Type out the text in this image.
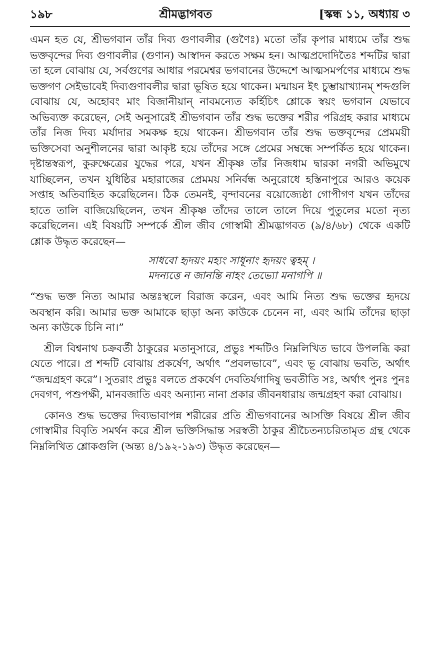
১৯৮	শ্রীমদ্ভাগবত	[স্কন্ধ ১১, অধ্যায় ৩

এমন হত যে, শ্রীভগবান তাঁর দিব্য গুণাবলীর (গুণৈঃ) মতো তাঁর কৃপার মাধ্যমে তাঁর শুদ্ধ ভক্তবৃন্দের দিব্য গুণাবলীর (গুণান) আস্বাদন করতে সক্ষম হন। আত্মপ্রদোদিতৈঃ শব্দটির দ্বারা তা হলে বোঝায় যে, সর্বগুণের আধার পরমেশ্বর ভগবানের উদ্দেশে আত্মসমর্পণের মাধ্যমে শুদ্ধ ভক্তগণ সেইভাবেই দিব্যগুণাবলীর দ্বারা ভূষিত হয়ে থাকেন। মন্মায়ন ইৎ চুম্ভায়াখ্যানম্ শব্দগুলি বোঝায় যে, অহোবং মাং বিজানীয়ান্ নাবমন্যেত কর্হিচিৎ শ্লোকে স্বয়ং ভগবান যেভাবে অভিব্যক্ত করেছেন, সেই অনুসারেই শ্রীভগবান তাঁর শুদ্ধ ভক্তের শরীর পরিগ্রহ করার মাধ্যমে তাঁর নিজ দিব্য মর্যাদার সমকক্ষ হয়ে থাকেন। শ্রীভগবান তাঁর শুদ্ধ ভক্তবৃন্দের প্রেমময়ী ভক্তিসেবা অনুশীলনের দ্বারা আকৃষ্ট হয়ে তাঁদের সঙ্গে প্রেমের সম্বন্ধে সম্পর্কিত হয়ে থাকেন। দৃষ্টান্তস্বরূপ, কুরুক্ষেত্রের যুদ্ধের পরে, যখন শ্রীকৃষ্ণ তাঁর নিজধাম দ্বারকা নগরী অভিমুখে যাচ্ছিলেন, তখন যুধিষ্ঠির মহারাজের প্রেমময় সনির্বন্ধ অনুরোধে হস্তিনাপুরে আরও কয়েক সপ্তাহ অতিবাহিত করেছিলেন। ঠিক তেমনই, বৃন্দাবনের বয়োজ্যেষ্ঠা গোপীগণ যখন তাঁদের হাতে তালি বাজিয়েছিলেন, তখন শ্রীকৃষ্ণ তাঁদের তালে তালে দিয়ে পুতুলের মতো নৃত্য করেছিলেন। এই বিষয়টি সম্পর্কে শ্রীল জীব গোস্বামী শ্রীমদ্ভাগবত (৯/৪/৬৮) থেকে একটি শ্লোক উদ্ধৃত করেছেন—

সাধবো হৃদয়ং মহ্যং সাধূনাং হৃদয়ং ত্বহম্ ।
মদন্যত্তে ন জানন্তি নাহং তেভ্যো মনাগপি ॥

“শুদ্ধ ভক্ত নিত্য আমার অন্তঃস্থলে বিরাজ করেন, এবং আমি নিত্য শুদ্ধ ভক্তের হৃদয়ে অবস্থান করি। আমার ভক্ত আমাকে ছাড়া অন্য কাউকে চেনেন না, এবং আমি তাঁদের ছাড়া অন্য কাউকে চিনি না।”

শ্রীল বিশ্বনাথ চক্রবর্তী ঠাকুরের মতানুসারে, প্রভুঃ শব্দটিও নিম্নলিখিত ভাবে উপলব্ধি করা যেতে পারে। প্র শব্দটি বোঝায় প্রকর্ষেণ, অর্থাৎ “প্রবলভাবে”, এবং ভূ বোঝায় ভবতি, অর্থাৎ “জন্মগ্রহণ করে”। সুতরাং প্রভুঃ বলতে প্রকর্ষেণ দেবতির্যগাদিষু ভবতীতি সঃ, অর্থাৎ পুনঃ পুনঃ দেবগণ, পশুপক্ষী, মানবজাতি এবং অন্যান্য নানা প্রকার জীবনধারায় জন্মগ্রহণ করা বোঝায়।

কোনও শুদ্ধ ভক্তের দিব্যভাবাপন্ন শরীরের প্রতি শ্রীভগবানের আসক্তি বিষয়ে শ্রীল জীব গোস্বামীর বিবৃতি সমর্থন করে শ্রীল ভক্তিসিদ্ধান্ত সরস্বতী ঠাকুর শ্রীচৈতন্যচরিতামৃত গ্রন্থ থেকে নিম্নলিখিত শ্লোকগুলি (অন্ত্য ৪/১৯২-১৯৩) উদ্ধৃত করেছেন—
